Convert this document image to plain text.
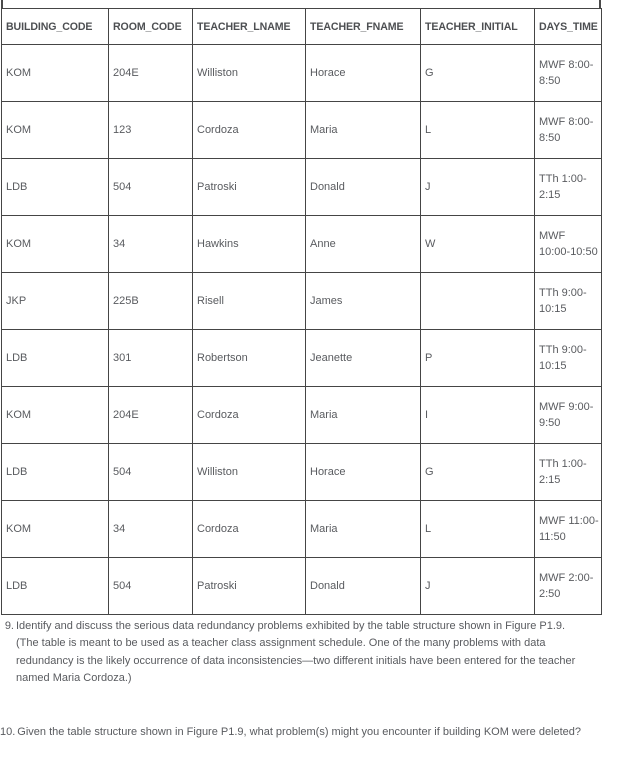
BUILDING_CODE	ROOM_CODE	TEACHER_LNAME	TEACHER_FNAME	TEACHER_INITIAL	DAYS_TIME
KOM	204E	Williston	Horace	G	MWF 8:00-8:50
KOM	123	Cordoza	Maria	L	MWF 8:00-8:50
LDB	504	Patroski	Donald	J	TTh 1:00-2:15
KOM	34	Hawkins	Anne	W	MWF 10:00-10:50
JKP	225B	Risell	James		TTh 9:00-10:15
LDB	301	Robertson	Jeanette	P	TTh 9:00-10:15
KOM	204E	Cordoza	Maria	I	MWF 9:00-9:50
LDB	504	Williston	Horace	G	TTh 1:00-2:15
KOM	34	Cordoza	Maria	L	MWF 11:00-11:50
LDB	504	Patroski	Donald	J	MWF 2:00-2:50
9. Identify and discuss the serious data redundancy problems exhibited by the table structure shown in Figure P1.9.
(The table is meant to be used as a teacher class assignment schedule. One of the many problems with data
redundancy is the likely occurrence of data inconsistencies—two different initials have been entered for the teacher
named Maria Cordoza.)
10. Given the table structure shown in Figure P1.9, what problem(s) might you encounter if building KOM were deleted?
